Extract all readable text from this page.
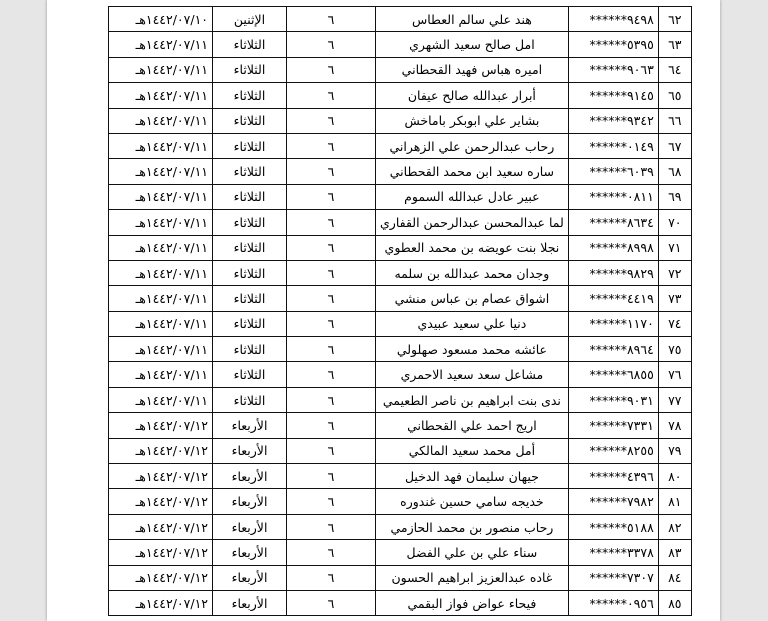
٦٢	******٩٤٩٨	هند علي سالم العطاس	٦	الإثنين	١٤٤٢/٠٧/١٠هـ
٦٣	******٥٣٩٥	امل صالح سعيد الشهري	٦	الثلاثاء	١٤٤٢/٠٧/١١هـ
٦٤	******٩٠٦٣	اميره هباس فهيد القحطاني	٦	الثلاثاء	١٤٤٢/٠٧/١١هـ
٦٥	******٩١٤٥	أبرار عبدالله صالح عيفان	٦	الثلاثاء	١٤٤٢/٠٧/١١هـ
٦٦	******٩٣٤٢	بشاير علي ابوبكر باماخش	٦	الثلاثاء	١٤٤٢/٠٧/١١هـ
٦٧	******٠١٤٩	رحاب عبدالرحمن علي الزهراني	٦	الثلاثاء	١٤٤٢/٠٧/١١هـ
٦٨	******٦٠٣٩	ساره سعيد ابن محمد القحطاني	٦	الثلاثاء	١٤٤٢/٠٧/١١هـ
٦٩	******٠٨١١	عبير عادل عبدالله السموم	٦	الثلاثاء	١٤٤٢/٠٧/١١هـ
٧٠	******٨٦٣٤	لما عبدالمحسن عبدالرحمن القفاري	٦	الثلاثاء	١٤٤٢/٠٧/١١هـ
٧١	******٨٩٩٨	نجلا بنت عويضه بن محمد العطوي	٦	الثلاثاء	١٤٤٢/٠٧/١١هـ
٧٢	******٩٨٢٩	وجدان محمد عبدالله بن سلمه	٦	الثلاثاء	١٤٤٢/٠٧/١١هـ
٧٣	******٤٤١٩	اشواق عصام بن عباس منشي	٦	الثلاثاء	١٤٤٢/٠٧/١١هـ
٧٤	******١١٧٠	دنيا علي سعيد عبيدي	٦	الثلاثاء	١٤٤٢/٠٧/١١هـ
٧٥	******٨٩٦٤	عائشه محمد مسعود صهلولي	٦	الثلاثاء	١٤٤٢/٠٧/١١هـ
٧٦	******٦٨٥٥	مشاعل سعد سعيد الاحمري	٦	الثلاثاء	١٤٤٢/٠٧/١١هـ
٧٧	******٩٠٣١	ندى بنت ابراهيم بن ناصر الطعيمي	٦	الثلاثاء	١٤٤٢/٠٧/١١هـ
٧٨	******٧٣٣١	اريج احمد علي القحطاني	٦	الأربعاء	١٤٤٢/٠٧/١٢هـ
٧٩	******٨٢٥٥	أمل محمد سعيد المالكي	٦	الأربعاء	١٤٤٢/٠٧/١٢هـ
٨٠	******٤٣٩٦	جيهان سليمان فهد الدخيل	٦	الأربعاء	١٤٤٢/٠٧/١٢هـ
٨١	******٧٩٨٢	خديجه سامي حسين غندوره	٦	الأربعاء	١٤٤٢/٠٧/١٢هـ
٨٢	******٥١٨٨	رحاب منصور بن محمد الحازمي	٦	الأربعاء	١٤٤٢/٠٧/١٢هـ
٨٣	******٣٣٧٨	سناء علي بن علي الفضل	٦	الأربعاء	١٤٤٢/٠٧/١٢هـ
٨٤	******٧٣٠٧	غاده عبدالعزيز ابراهيم الحسون	٦	الأربعاء	١٤٤٢/٠٧/١٢هـ
٨٥	******٠٩٥٦	فيحاء عواض فواز البقمي	٦	الأربعاء	١٤٤٢/٠٧/١٢هـ
